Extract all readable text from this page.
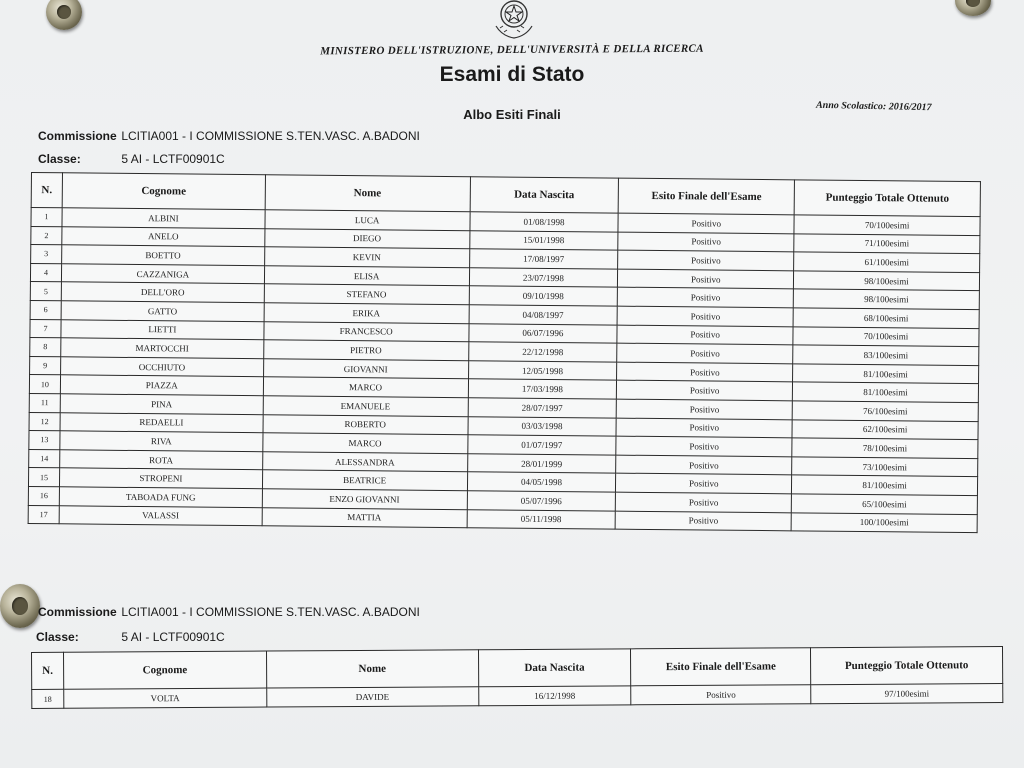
MINISTERO DELL'ISTRUZIONE, DELL'UNIVERSITÀ E DELLA RICERCA
Esami di Stato
Albo Esiti Finali
Anno Scolastico: 2016/2017
Commissione LCITIA001 - I COMMISSIONE S.TEN.VASC. A.BADONI
Classe:	5 AI - LCTF00901C
N.	Cognome	Nome	Data Nascita	Esito Finale dell'Esame	Punteggio Totale Ottenuto
1	ALBINI	LUCA	01/08/1998	Positivo	70/100esimi
2	ANELO	DIEGO	15/01/1998	Positivo	71/100esimi
3	BOETTO	KEVIN	17/08/1997	Positivo	61/100esimi
4	CAZZANIGA	ELISA	23/07/1998	Positivo	98/100esimi
5	DELL'ORO	STEFANO	09/10/1998	Positivo	98/100esimi
6	GATTO	ERIKA	04/08/1997	Positivo	68/100esimi
7	LIETTI	FRANCESCO	06/07/1996	Positivo	70/100esimi
8	MARTOCCHI	PIETRO	22/12/1998	Positivo	83/100esimi
9	OCCHIUTO	GIOVANNI	12/05/1998	Positivo	81/100esimi
10	PIAZZA	MARCO	17/03/1998	Positivo	81/100esimi
11	PINA	EMANUELE	28/07/1997	Positivo	76/100esimi
12	REDAELLI	ROBERTO	03/03/1998	Positivo	62/100esimi
13	RIVA	MARCO	01/07/1997	Positivo	78/100esimi
14	ROTA	ALESSANDRA	28/01/1999	Positivo	73/100esimi
15	STROPENI	BEATRICE	04/05/1998	Positivo	81/100esimi
16	TABOADA FUNG	ENZO GIOVANNI	05/07/1996	Positivo	65/100esimi
17	VALASSI	MATTIA	05/11/1998	Positivo	100/100esimi
Commissione LCITIA001 - I COMMISSIONE S.TEN.VASC. A.BADONI
Classe:	5 AI - LCTF00901C
N.	Cognome	Nome	Data Nascita	Esito Finale dell'Esame	Punteggio Totale Ottenuto
18	VOLTA	DAVIDE	16/12/1998	Positivo	97/100esimi
